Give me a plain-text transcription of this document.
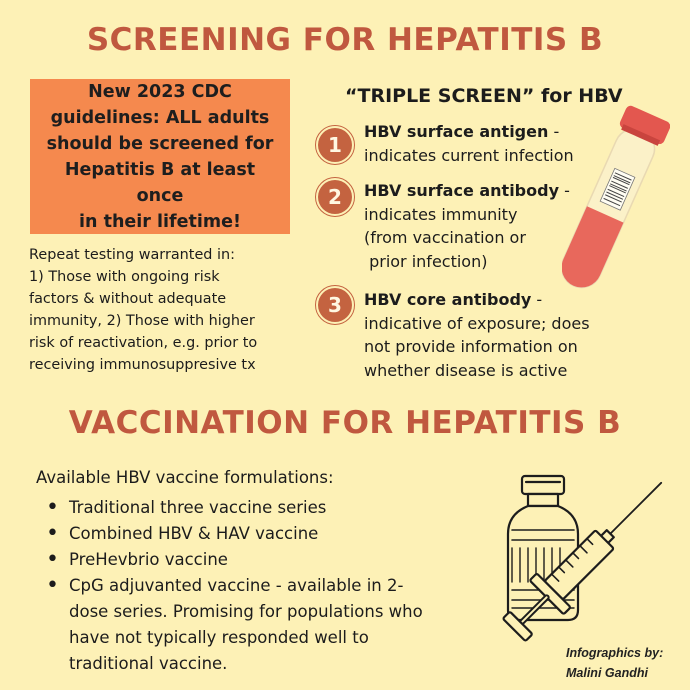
SCREENING FOR HEPATITIS B
New 2023 CDC
guidelines: ALL adults
should be screened for
Hepatitis B at least once
in their lifetime!
Repeat testing warranted in:
1) Those with ongoing risk
factors & without adequate
immunity, 2) Those with higher
risk of reactivation, e.g. prior to
receiving immunosuppresive tx
“TRIPLE SCREEN” for HBV
1
2
3
HBV surface antigen -
indicates current infection
HBV surface antibody -
indicates immunity
(from vaccination or
prior infection)
HBV core antibody -
indicative of exposure; does
not provide information on
whether disease is active
VACCINATION FOR HEPATITIS B
Available HBV vaccine formulations:
• Traditional three vaccine series
• Combined HBV & HAV vaccine
• PreHevbrio vaccine
• CpG adjuvanted vaccine - available in 2-
dose series. Promising for populations who
have not typically responded well to
traditional vaccine.
Infographics by:
Malini Gandhi
